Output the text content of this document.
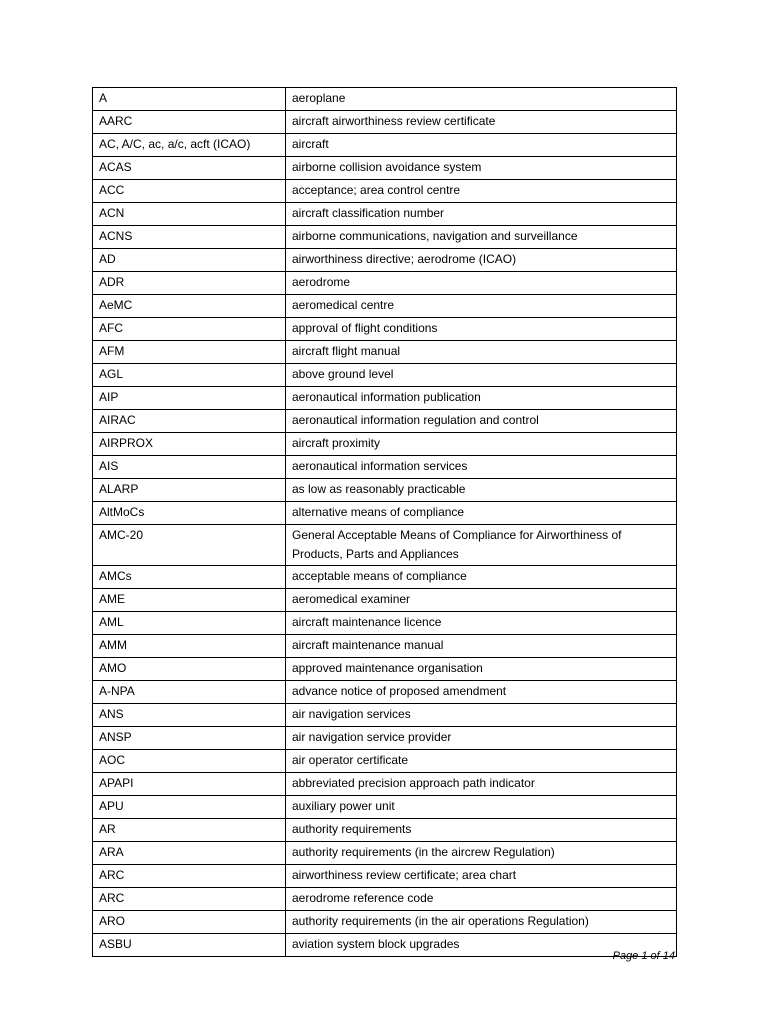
A	aeroplane
AARC	aircraft airworthiness review certificate
AC, A/C, ac, a/c, acft (ICAO)	aircraft
ACAS	airborne collision avoidance system
ACC	acceptance; area control centre
ACN	aircraft classification number
ACNS	airborne communications, navigation and surveillance
AD	airworthiness directive; aerodrome (ICAO)
ADR	aerodrome
AeMC	aeromedical centre
AFC	approval of flight conditions
AFM	aircraft flight manual
AGL	above ground level
AIP	aeronautical information publication
AIRAC	aeronautical information regulation and control
AIRPROX	aircraft proximity
AIS	aeronautical information services
ALARP	as low as reasonably practicable
AltMoCs	alternative means of compliance
AMC-20	General Acceptable Means of Compliance for Airworthiness of Products, Parts and Appliances
AMCs	acceptable means of compliance
AME	aeromedical examiner
AML	aircraft maintenance licence
AMM	aircraft maintenance manual
AMO	approved maintenance organisation
A-NPA	advance notice of proposed amendment
ANS	air navigation services
ANSP	air navigation service provider
AOC	air operator certificate
APAPI	abbreviated precision approach path indicator
APU	auxiliary power unit
AR	authority requirements
ARA	authority requirements (in the aircrew Regulation)
ARC	airworthiness review certificate; area chart
ARC	aerodrome reference code
ARO	authority requirements (in the air operations Regulation)
ASBU	aviation system block upgrades
Page 1 of 14
